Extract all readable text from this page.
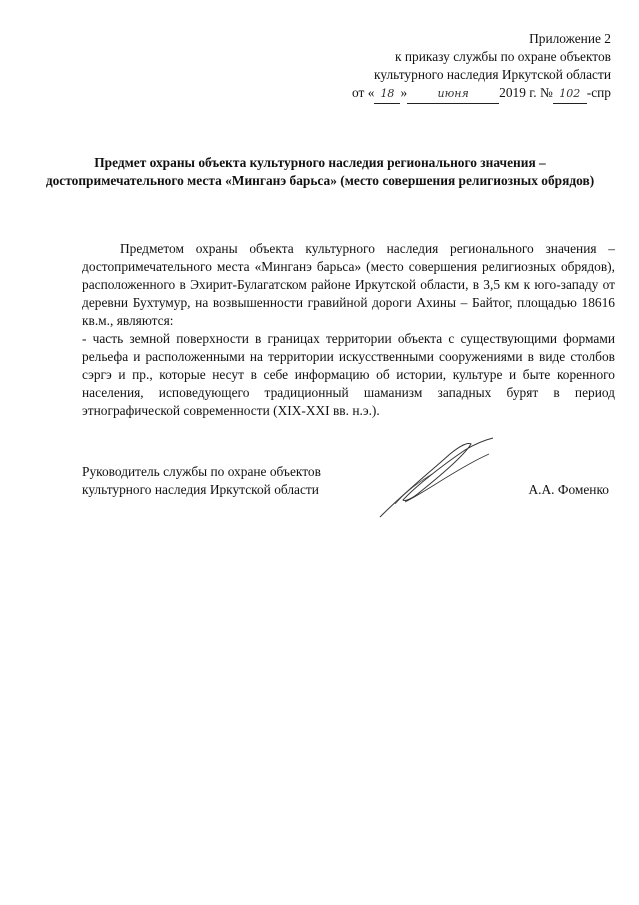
Приложение 2
к приказу службы по охране объектов
культурного наследия Иркутской области
от « 18 »	июня 2019 г. № 102 -спр
Предмет охраны объекта культурного наследия регионального значения – достопримечательного места «Минганэ барьса» (место совершения религиозных обрядов)

Предметом охраны объекта культурного наследия регионального значения – достопримечательного места «Минганэ барьса» (место совершения религиозных обрядов), расположенного в Эхирит-Булагатском районе Иркутской области, в 3,5 км к юго-западу от деревни Бухтумур, на возвышенности гравийной дороги Ахины – Байтог, площадью 18616 кв.м., являются:

- часть земной поверхности в границах территории объекта с существующими формами рельефа и расположенными на территории искусственными сооружениями в виде столбов сэргэ и пр., которые несут в себе информацию об истории, культуре и быте коренного населения, исповедующего традиционный шаманизм западных бурят в период этнографической современности (XIX-XXI вв. н.э.).

Руководитель службы по охране объектов
культурного наследия Иркутской области	А.А. Фоменко
